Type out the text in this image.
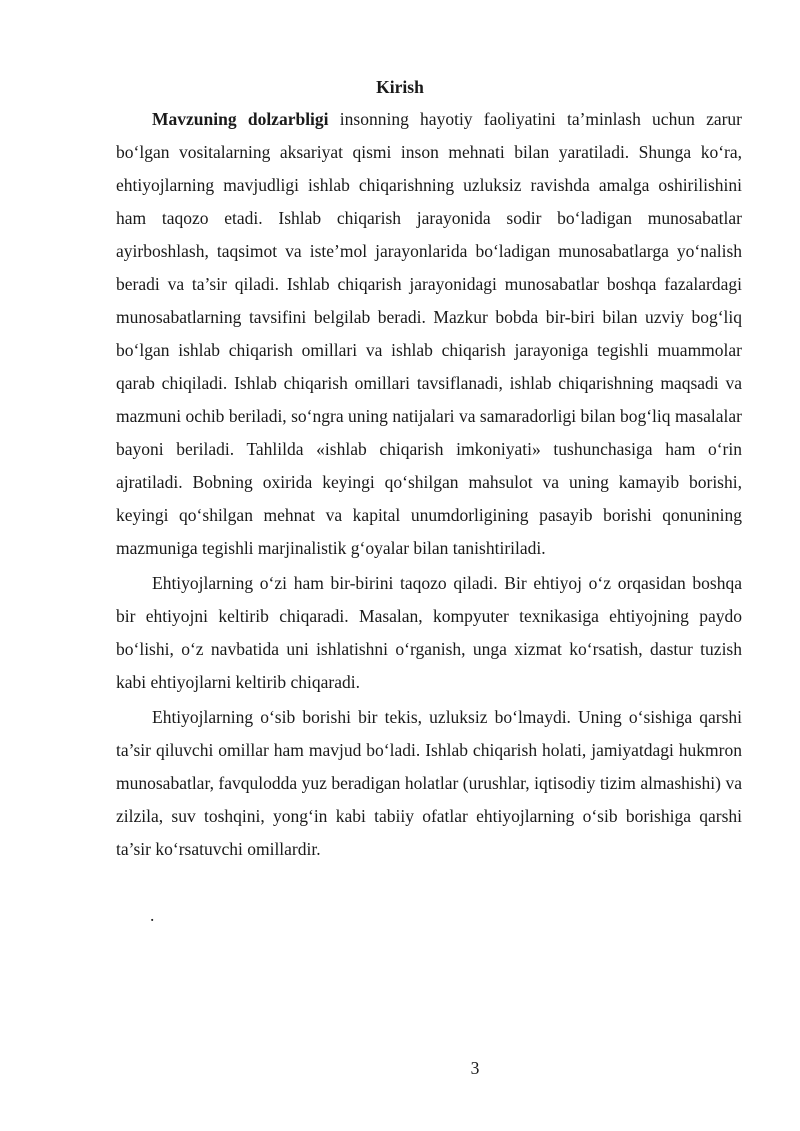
Kirish

Mavzuning dolzarbligi insonning hayotiy faoliyatini ta’minlash uchun zarur bo‘lgan vositalarning aksariyat qismi inson mehnati bilan yaratiladi. Shunga ko‘ra, ehtiyojlarning mavjudligi ishlab chiqarishning uzluksiz ravishda amalga oshirilishini ham taqozo etadi. Ishlab chiqarish jarayonida sodir bo‘ladigan munosabatlar ayirboshlash, taqsimot va iste’mol jarayonlarida bo‘ladigan munosabatlarga yo‘nalish beradi va ta’sir qiladi. Ishlab chiqarish jarayonidagi munosabatlar boshqa fazalardagi munosabatlarning tavsifini belgilab beradi. Mazkur bobda bir-biri bilan uzviy bog‘liq bo‘lgan ishlab chiqarish omillari va ishlab chiqarish jarayoniga tegishli muammolar qarab chiqiladi. Ishlab chiqarish omillari tavsiflanadi, ishlab chiqarishning maqsadi va mazmuni ochib beriladi, so‘ngra uning natijalari va samaradorligi bilan bog‘liq masalalar bayoni beriladi. Tahlilda «ishlab chiqarish imkoniyati» tushunchasiga ham o‘rin ajratiladi. Bobning oxirida keyingi qo‘shilgan mahsulot va uning kamayib borishi, keyingi qo‘shilgan mehnat va kapital unumdorligining pasayib borishi qonunining mazmuniga tegishli marjinalistik g‘oyalar bilan tanishtiriladi.

Ehtiyojlarning o‘zi ham bir-birini taqozo qiladi. Bir ehtiyoj o‘z orqasidan boshqa bir ehtiyojni keltirib chiqaradi. Masalan, kompyuter texnikasiga ehtiyojning paydo bo‘lishi, o‘z navbatida uni ishlatishni o‘rganish, unga xizmat ko‘rsatish, dastur tuzish kabi ehtiyojlarni keltirib chiqaradi.

Ehtiyojlarning o‘sib borishi bir tekis, uzluksiz bo‘lmaydi. Uning o‘sishiga qarshi ta’sir qiluvchi omillar ham mavjud bo‘ladi. Ishlab chiqarish holati, jamiyatdagi hukmron munosabatlar, favqulodda yuz beradigan holatlar (urushlar, iqtisodiy tizim almashishi) va zilzila, suv toshqini, yong‘in kabi tabiiy ofatlar ehtiyojlarning o‘sib borishiga qarshi ta’sir ko‘rsatuvchi omillardir.

.
3
